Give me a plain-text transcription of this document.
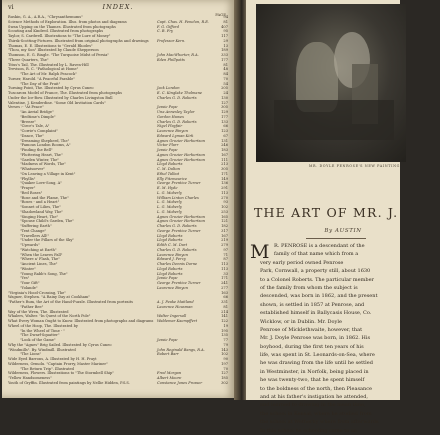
vi	INDEX.
PAGE
Ruskin, G. A., A.R.A., "Chrysanthemums"	94
Science Methods of Exploration. Illus. from photos and diagrams	Capt. Chas. H. Fenelon, R.E.	81
Swan Upping on the Thames. Illustrated from photographs	F. G. Gifford	407
Scouting and Kindred. Illustrated from photographs	C. B. Fry	95
Taylor, S. Cardwell. Illustrations to "The Lure of Money"	117
Thirsk-Scotting-Pictures. Illustrated from original photographs and drawings	Professor Kern.	29
Thomas, E. E. Illustrations to "Gerald Rhodes"	13
"Thou, my Son" Illustrated by Claude Shepperson	189
Thomson, E. G. Ringle. "The Turquoise Midst of Persia"	John MacWhorter, R.A.	333
"Three Quarters, The"	Eden Phillpotts	177
Titus's Tail, The. Illustrated by L. Raven-Hill	81
Trevison, R. C. "Pathological at Home"	48
"The Art of Mr. Ralph Peacock"	84
Turner, Harold. "A Peaceful Parable"	70
"The Day of the Fruit"	54
Turning Point, The. Illustrated by Cyrus Cuneo	Jack London	205
Tuscarora Model of France, The. Illustrated from photographs	E. C. Kinglake Tholmane	24
Under the Ice-Bow. Illustrated by Charles Livingston Bull	Charles G. D. Roberts	130
Valentine, J. Kenderdine. "Some Old Invitation Cards"	127
Verses :- "At Peace"	Jessie Pope	305
"An Aerial Bridge"	Una Annesley Taylor	129
"Bedtime's Dimple"	Gordon Hawes	177
"Breeze"	Charles G. D. Roberts	133
"Circe's Tale, A"	Nigel Playfair	66
"Corrie's Complaint"	Laurence Binyon	123
"Dance, The"	Edward Lyman Kirk	67
"Dreaming Shepherd, The"	Agnes Grozier Herbertson	131
"Famous London Rooms, A"	Victor Plarr	246
"Finding the Bell"	Jessie Pope	183
"Fluttering Heart, The"	Agnes Grozier Herbertson	167
"Garden Winter, The"	Agnes Grozier Herbertson	111
"Madness of Words, The"	Lloyd Roberts	213
"Whatsoever"	C. M. Dalton	305
"On Leaving a Village in Kent"	Ethel Talbot	171
"Phyllis"	Elly Fitzmaurice	149
"Quaker Love-Song, A"	George Prentice Turner	136
"Prayer"	E. M. Hyde	291
"Red Roses"	L. G. Moberly	113
"Rose and the Flame, The"	William Linton Charles	270
"Roses - and a Heart"	L. G. Moberly	93
"Sonnet of Lilies, The"	L. G. Moberly	102
"Shadowland Way, The"	L. G. Moberly	253
"Singing Heart, The"	Agnes Grozier Herbertson	165
"Spouse Child's Garden, The"	Agnes Grozier Herbertson	121
"Suffering Earth"	Charles G. D. Roberts	182
"Text Change"	George Prentice Turner	317
"Travellers All!"	Lloyd Roberts	167
"Under the Pillars of the Sky"	Lloyd Roberts	219
"Upwards"	Edith C. M. Dart	279
"Watching at Earth"	Charles G. D. Roberts	97
"When the Leaves Fall"	Laurence Binyon	71
"Where a' Flash, The"	Edward J. Percy	87
"Ancient Lines, The"	Charles Dennis Dorne	113
"Winter"	Lloyd Roberts	113
"Young Rabb's Song, The"	Lloyd Roberts	33
"Yes"	Jessie Pope	171
"Your Gift"	George Prentice Turner	241
"Yolande"	Laurence Binyon	277
"Virginia's Hood-Crossing, The"	163
Wagner, Stephen. "A Rainy Day at Cookham"	66
"Father's Rum, the Art of the Hand-Puzzle. Illustrated from portraits	A. J. Peake Maitland	331
"Father Bee"	Laurence Housman	81
Way of the Wren, The. Illustrated	214
Whalers, Walter. "In Quest of the North Pole"	Walter Ingersoll	141
What Every Woman Ought to Know. Illustrated from photographs and diagrams	Waldemar Kaempffert	122
Wheel of the Hoop, The. Illustrated by	19
"In the Wheel of Time - "	195
"The Dwarf-Squatter"	135
"Look of the Game"	Jessie Pope	77
Why the "Agnes" Brig Sailed. Illustrated by Cyrus Cuneo	79
"Windmills". By. Windmill. Illustrated	John Reginald Bangs, R.A.	143
"The Lions"	Robert Barr	102
Wide Eyed Barrons, A. Illustrated by H. H. Frayt	90
Wilderness, Ormolu. "Captain Frorry, Master Mariner"	197
"The Return Trip". Illustrated	70
Wilderness, Flowers. Illustrations to "The Stormbell Ship"	Fred Morgan	127
"Yellow Handsomeness"	Albert Moore	185
Youth of Gryffin. Illustrated from paintings by Nellie Hidden, P.S.S.	Constance Jones Prosser	302
MR. DOYLE PENROSE'S NEW PAINTING
THE ART OF MR. J.
By AUSTIN
M R. PENROSE is a descendant of the
family of that name which from a
very early period owned Penrose
Park, Cornwall, a property still, about 1630
to a Colonel Roberts. The particular member
of the family from whom the subject is
descended, was born in 1862, and the present
shown, is settled in 1857 at Penrose, and
established himself in Ballycasis House, Co.
Wicklow, or in Dublin. Mr. Doyle
Penrose of Micklethwaite, however, that
Mr. J. Doyle Penrose was born, in 1862. His
boyhood, during the first ten years of his
life, was spent in St. Leonards-on-Sea, where
he was drawing from the life until he settled
in Westminster, in Norfolk, being placed in
he was twenty-two, that he spent himself
to the boldness of the north, then Pleasance
and at his father's instigation he attended,
and learned to drawing in the mean time,
the school in Kensal, where he studied from
the school at Wetherby where from afterwards
In this school he schooling came to an
